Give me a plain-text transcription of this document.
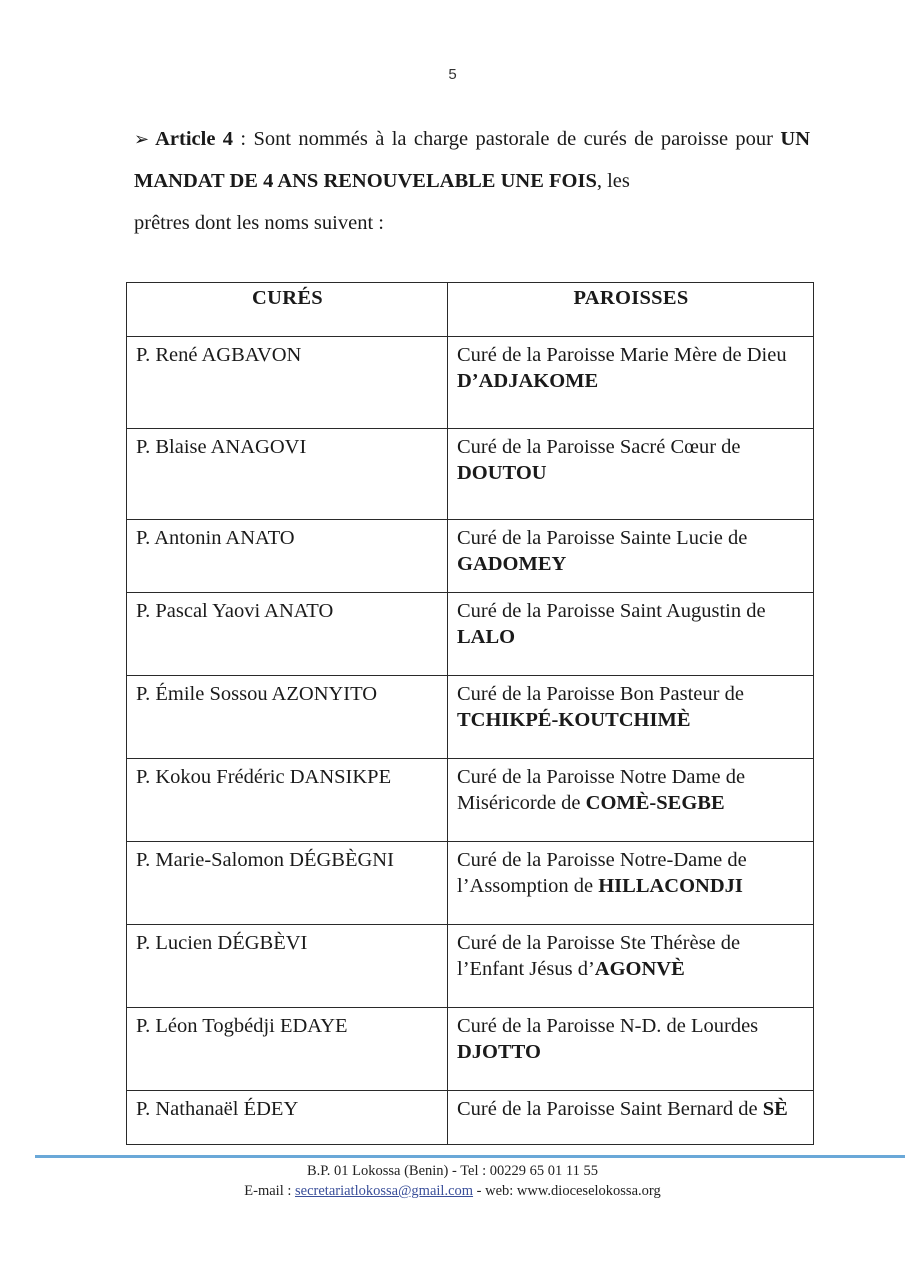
5
➢ Article 4 : Sont nommés à la charge pastorale de curés de paroisse pour UN MANDAT DE 4 ANS RENOUVELABLE UNE FOIS, les
prêtres dont les noms suivent :
CURÉS	PAROISSES
P. René AGBAVON	Curé de la Paroisse Marie Mère de Dieu D’ADJAKOME
P. Blaise ANAGOVI	Curé de la Paroisse Sacré Cœur de DOUTOU
P. Antonin ANATO	Curé de la Paroisse Sainte Lucie de GADOMEY
P. Pascal Yaovi ANATO	Curé de la Paroisse Saint Augustin de LALO
P. Émile Sossou AZONYITO	Curé de la Paroisse Bon Pasteur de TCHIKPÉ-KOUTCHIMÈ
P. Kokou Frédéric DANSIKPE	Curé de la Paroisse Notre Dame de Miséricorde de COMÈ-SEGBE
P. Marie-Salomon DÉGBÈGNI	Curé de la Paroisse Notre-Dame de l’Assomption de HILLACONDJI
P. Lucien DÉGBÈVI	Curé de la Paroisse Ste Thérèse de l’Enfant Jésus d’AGONVÈ
P. Léon Togbédji EDAYE	Curé de la Paroisse N-D. de Lourdes DJOTTO
P. Nathanaël ÉDEY	Curé de la Paroisse Saint Bernard de SÈ
B.P. 01 Lokossa (Benin) - Tel : 00229 65 01 11 55
E-mail : secretariatlokossa@gmail.com - web: www.dioceselokossa.org
